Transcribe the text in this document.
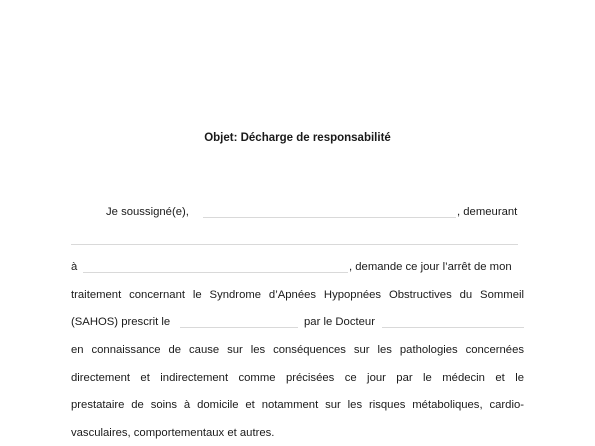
Objet: Décharge de responsabilité
Je soussigné(e),	, demeurant
à	, demande ce jour l’arrêt de mon
traitement concernant le Syndrome d’Apnées Hypopnées Obstructives du Sommeil
(SAHOS) prescrit le	par le Docteur
en connaissance de cause sur les conséquences sur les pathologies concernées
directement et indirectement comme précisées ce jour par le médecin et le
prestataire de soins à domicile et notamment sur les risques métaboliques, cardio-
vasculaires, comportementaux et autres.
